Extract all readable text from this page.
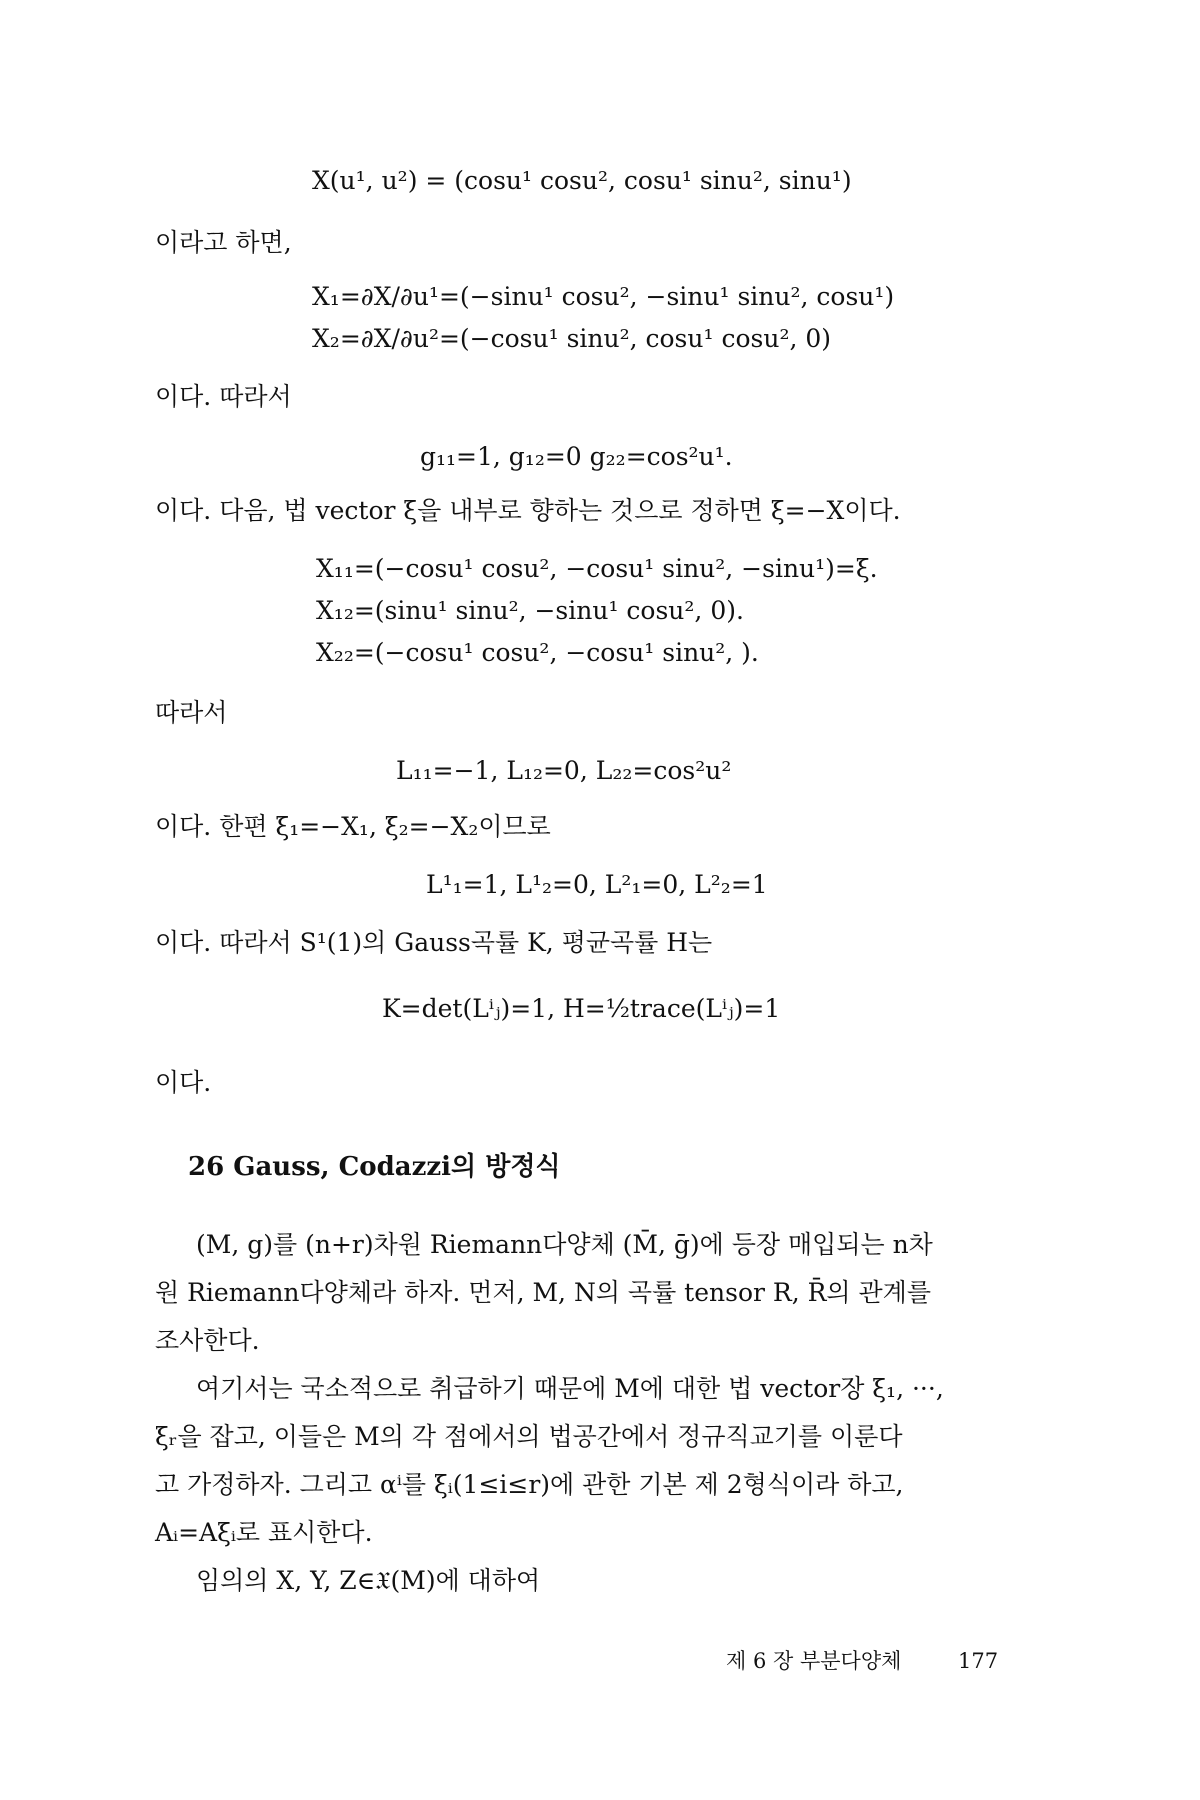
X(u¹, u²) = (cosu¹ cosu², cosu¹ sinu², sinu¹)
이라고 하면,
X₁=∂X/∂u¹=(−sinu¹ cosu², −sinu¹ sinu², cosu¹)
X₂=∂X/∂u²=(−cosu¹ sinu², cosu¹ cosu², 0)
이다. 따라서
g₁₁=1, g₁₂=0 g₂₂=cos²u¹.
이다. 다음, 법 vector ξ을 내부로 향하는 것으로 정하면 ξ=−X이다.
X₁₁=(−cosu¹ cosu², −cosu¹ sinu², −sinu¹)=ξ.
X₁₂=(sinu¹ sinu², −sinu¹ cosu², 0).
X₂₂=(−cosu¹ cosu², −cosu¹ sinu², ).
따라서
L₁₁=−1, L₁₂=0, L₂₂=cos²u²
이다. 한편 ξ₁=−X₁, ξ₂=−X₂이므로
L¹₁=1, L¹₂=0, L²₁=0, L²₂=1
이다. 따라서 S¹(1)의 Gauss곡률 K, 평균곡률 H는
K=det(Lⁱⱼ)=1, H=½trace(Lⁱⱼ)=1
이다.
26 Gauss, Codazzi의 방정식
(M, g)를 (n+r)차원 Riemann다양체 (M̄, ḡ)에 등장 매입되는 n차
원 Riemann다양체라 하자. 먼저, M, N의 곡률 tensor R, R̄의 관계를
조사한다.
여기서는 국소적으로 취급하기 때문에 M에 대한 법 vector장 ξ₁, ···,
ξᵣ을 잡고, 이들은 M의 각 점에서의 법공간에서 정규직교기를 이룬다
고 가정하자. 그리고 αⁱ를 ξᵢ(1≤i≤r)에 관한 기본 제 2형식이라 하고,
Aᵢ=Aξᵢ로 표시한다.
임의의 X, Y, Z∈𝔛(M)에 대하여
제 6 장 부분다양체	177
